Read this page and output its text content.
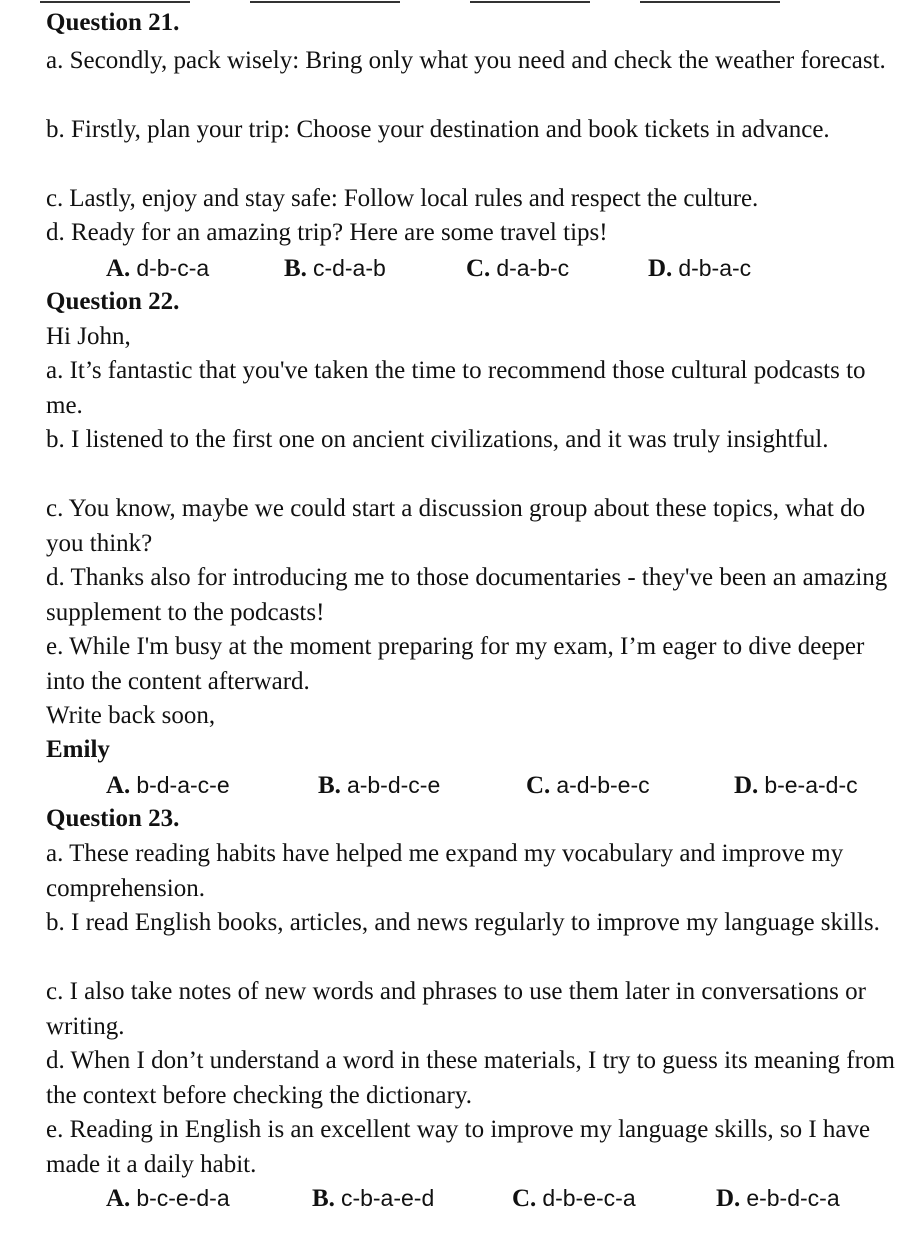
Question 21.
a. Secondly, pack wisely: Bring only what you need and check the weather forecast.
b. Firstly, plan your trip: Choose your destination and book tickets in advance.
c. Lastly, enjoy and stay safe: Follow local rules and respect the culture.
d. Ready for an amazing trip? Here are some travel tips!
A. d-b-c-a	B. c-d-a-b	C. d-a-b-c	D. d-b-a-c
Question 22.
Hi John,
a. It’s fantastic that you've taken the time to recommend those cultural podcasts to me.
b. I listened to the first one on ancient civilizations, and it was truly insightful.
c. You know, maybe we could start a discussion group about these topics, what do you think?
d. Thanks also for introducing me to those documentaries - they've been an amazing supplement to the podcasts!
e. While I'm busy at the moment preparing for my exam, I’m eager to dive deeper into the content afterward.
Write back soon,
Emily
A. b-d-a-c-e	B. a-b-d-c-e	C. a-d-b-e-c	D. b-e-a-d-c
Question 23.
a. These reading habits have helped me expand my vocabulary and improve my comprehension.
b. I read English books, articles, and news regularly to improve my language skills.
c. I also take notes of new words and phrases to use them later in conversations or writing.
d. When I don’t understand a word in these materials, I try to guess its meaning from the context before checking the dictionary.
e. Reading in English is an excellent way to improve my language skills, so I have made it a daily habit.
A. b-c-e-d-a	B. c-b-a-e-d	C. d-b-e-c-a	D. e-b-d-c-a
